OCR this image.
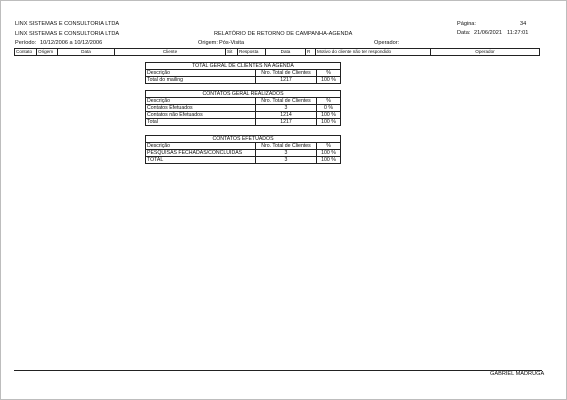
LINX SISTEMAS E CONSULTORIA LTDA
LINX SISTEMAS E CONSULTORIA LTDA	RELATÓRIO DE RETORNO DE CAMPANHA-AGENDA
Página:	34
Data: 21/06/2021 11:27:01
Período: 10/12/2006 a 10/12/2006	Origem: Pós-Visita	Operador:
Contato	Origem	Data	Cliente	Sit	Resposta	Data	R	Motivo do cliente não ter respondido	Operador
TOTAL GERAL DE CLIENTES NA AGENDA		
Descrição	Nro. Total de Clientes	%
Total do mailing	1217	100 %
CONTATOS GERAL REALIZADOS		
Descrição	Nro. Total de Clientes	%
Contatos Efetuados	3	0 %
Contatos não Efetuados	1214	100 %
Total	1217	100 %
CONTATOS EFETUADOS		
Descrição	Nro. Total de Clientes	%
PESQUISAS FECHADAS/CONCLUÍDAS	3	100 %
TOTAL	3	100 %
GABRIEL MADRUGA
